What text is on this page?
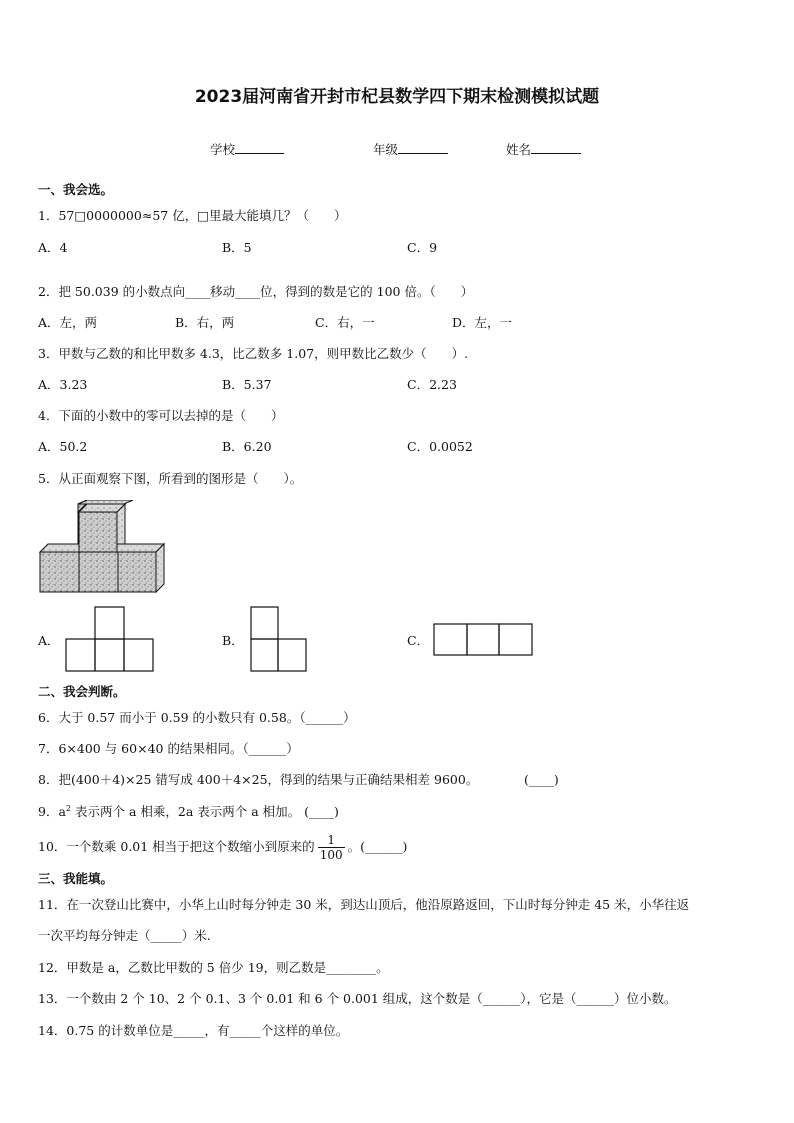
2023届河南省开封市杞县数学四下期末检测模拟试题
学校	年级	姓名
一、我会选。
1．57□0000000≈57 亿，□里最大能填几？（　　）
A．4	B．5	C．9
2．把 50.039 的小数点向____移动____位，得到的数是它的 100 倍。（　　）
A．左，两	B．右，两	C．右，一	D．左，一
3．甲数与乙数的和比甲数多 4.3，比乙数多 1.07，则甲数比乙数少（　　）.
A．3.23	B．5.37	C．2.23
4．下面的小数中的零可以去掉的是（　　）
A．50.2	B．6.20	C．0.0052
5．从正面观察下图，所看到的图形是（　　）。
A．	B．	C．
二、我会判断。
6．大于 0.57 而小于 0.59 的小数只有 0.58。（______）
7．6×400 与 60×40 的结果相同。（______）
8．把(400＋4)×25 错写成 400＋4×25，得到的结果与正确结果相差 9600。	(____)
9．$a^2$ 表示两个 a 相乘，2a 表示两个 a 相加。 (____)
10．一个数乘 0.01 相当于把这个数缩小到原来的 $\frac{1}{100}$ 。(______)
三、我能填。
11．在一次登山比赛中，小华上山时每分钟走 30 米，到达山顶后，他沿原路返回，下山时每分钟走 45 米，小华往返
一次平均每分钟走（_____）米.
12．甲数是 a，乙数比甲数的 5 倍少 19，则乙数是________。
13．一个数由 2 个 10、2 个 0.1、3 个 0.01 和 6 个 0.001 组成，这个数是（______），它是（______）位小数。
14．0.75 的计数单位是_____，有_____个这样的单位。
